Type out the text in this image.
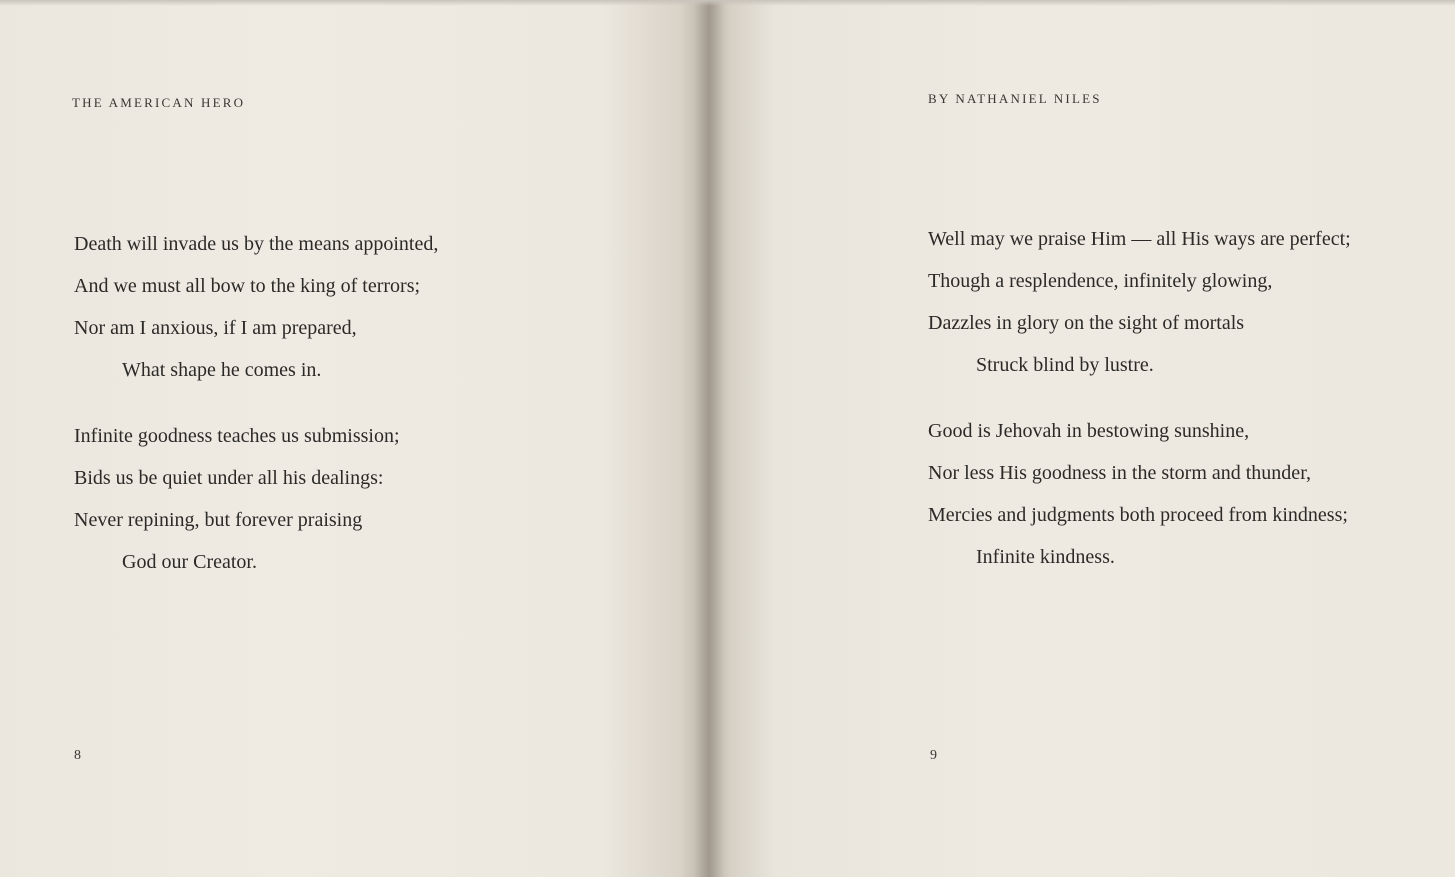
THE AMERICAN HERO
Death will invade us by the means appointed,
And we must all bow to the king of terrors;
Nor am I anxious, if I am prepared,
What shape he comes in.
Infinite goodness teaches us submission;
Bids us be quiet under all his dealings:
Never repining, but forever praising
God our Creator.
8
BY NATHANIEL NILES
Well may we praise Him — all His ways are perfect;
Though a resplendence, infinitely glowing,
Dazzles in glory on the sight of mortals
Struck blind by lustre.
Good is Jehovah in bestowing sunshine,
Nor less His goodness in the storm and thunder,
Mercies and judgments both proceed from kindness;
Infinite kindness.
9
